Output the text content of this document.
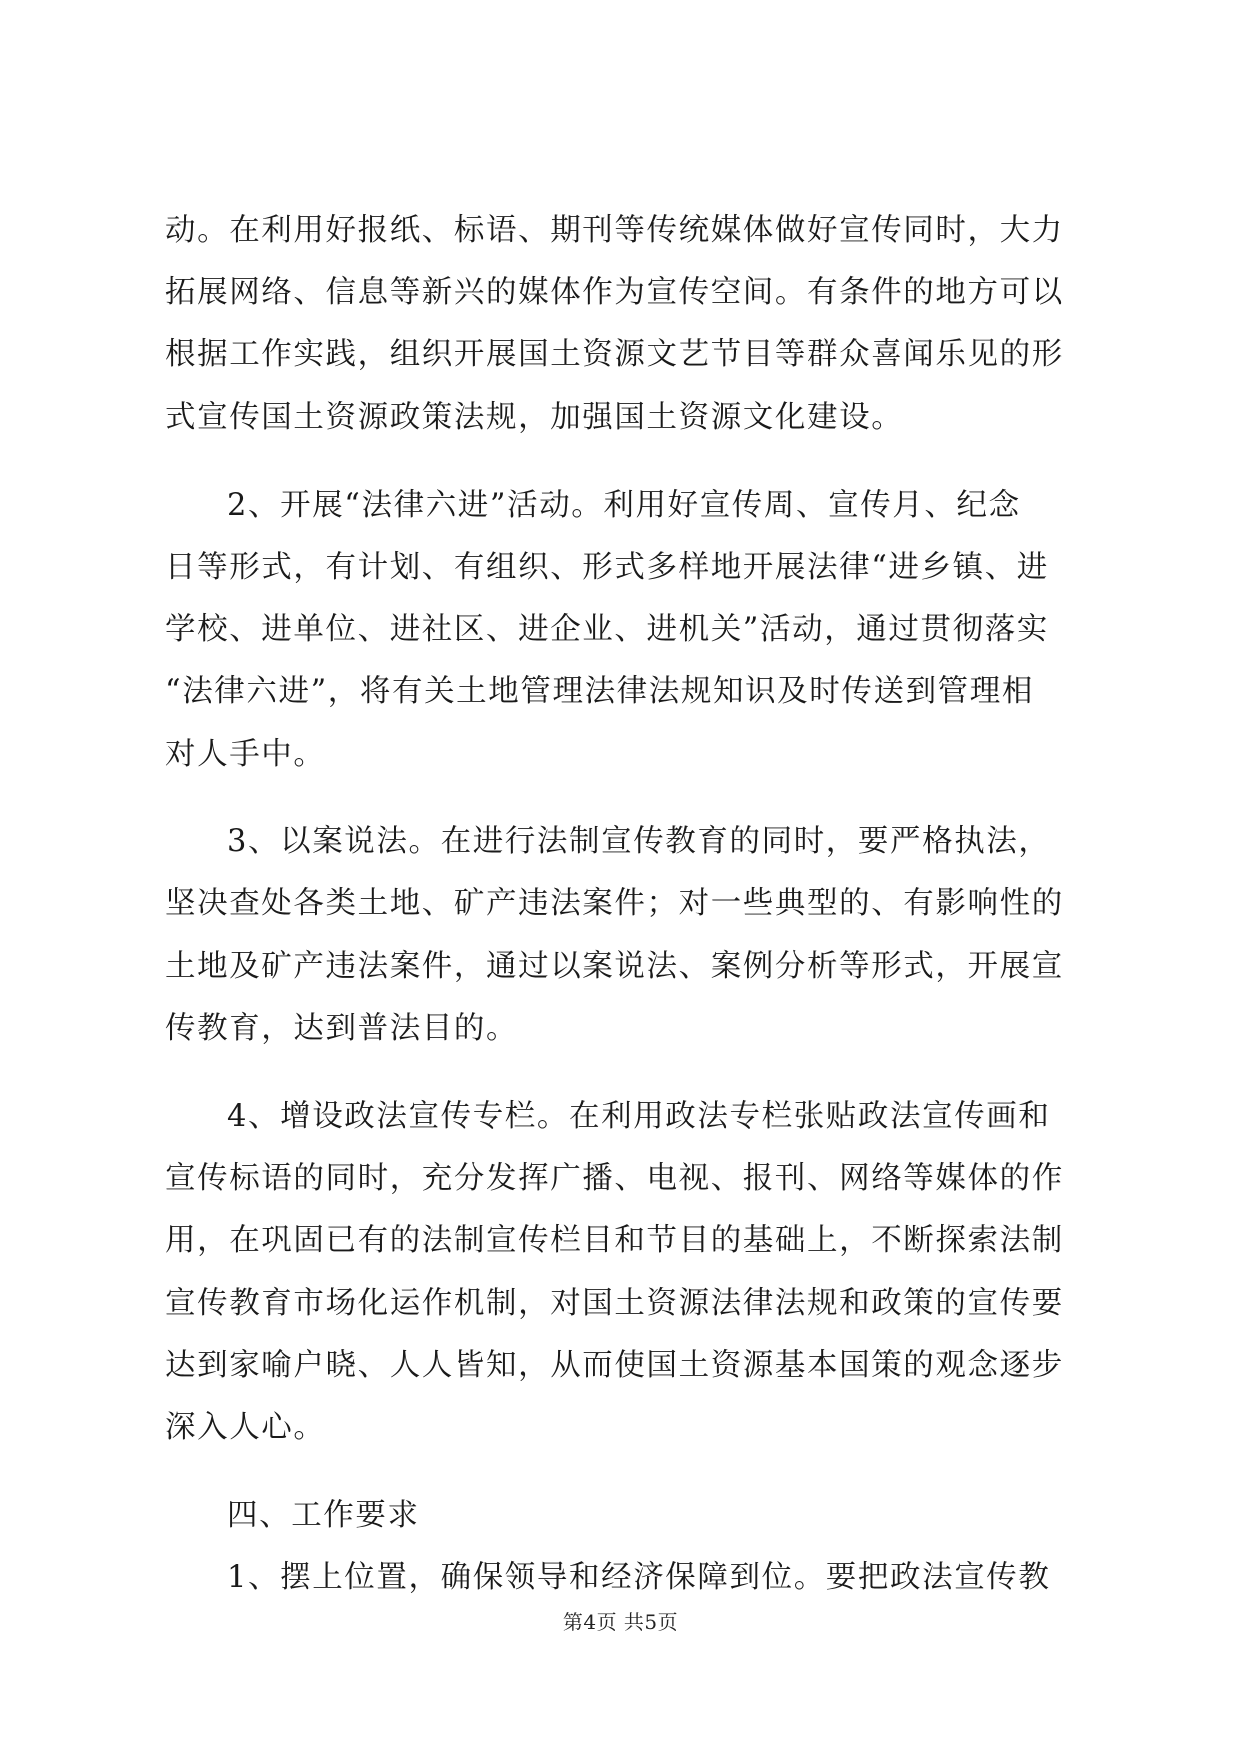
动。在利用好报纸、标语、期刊等传统媒体做好宣传同时，大力
拓展网络、信息等新兴的媒体作为宣传空间。有条件的地方可以
根据工作实践，组织开展国土资源文艺节目等群众喜闻乐见的形
式宣传国土资源政策法规，加强国土资源文化建设。
2、开展“法律六进”活动。利用好宣传周、宣传月、纪念
日等形式，有计划、有组织、形式多样地开展法律“进乡镇、进
学校、进单位、进社区、进企业、进机关”活动，通过贯彻落实
“法律六进”，将有关土地管理法律法规知识及时传送到管理相
对人手中。
3、以案说法。在进行法制宣传教育的同时，要严格执法，
坚决查处各类土地、矿产违法案件；对一些典型的、有影响性的
土地及矿产违法案件，通过以案说法、案例分析等形式，开展宣
传教育，达到普法目的。
4、增设政法宣传专栏。在利用政法专栏张贴政法宣传画和
宣传标语的同时，充分发挥广播、电视、报刊、网络等媒体的作
用，在巩固已有的法制宣传栏目和节目的基础上，不断探索法制
宣传教育市场化运作机制，对国土资源法律法规和政策的宣传要
达到家喻户晓、人人皆知，从而使国土资源基本国策的观念逐步
深入人心。
四、工作要求
1、摆上位置，确保领导和经济保障到位。要把政法宣传教
第4页 共5页
